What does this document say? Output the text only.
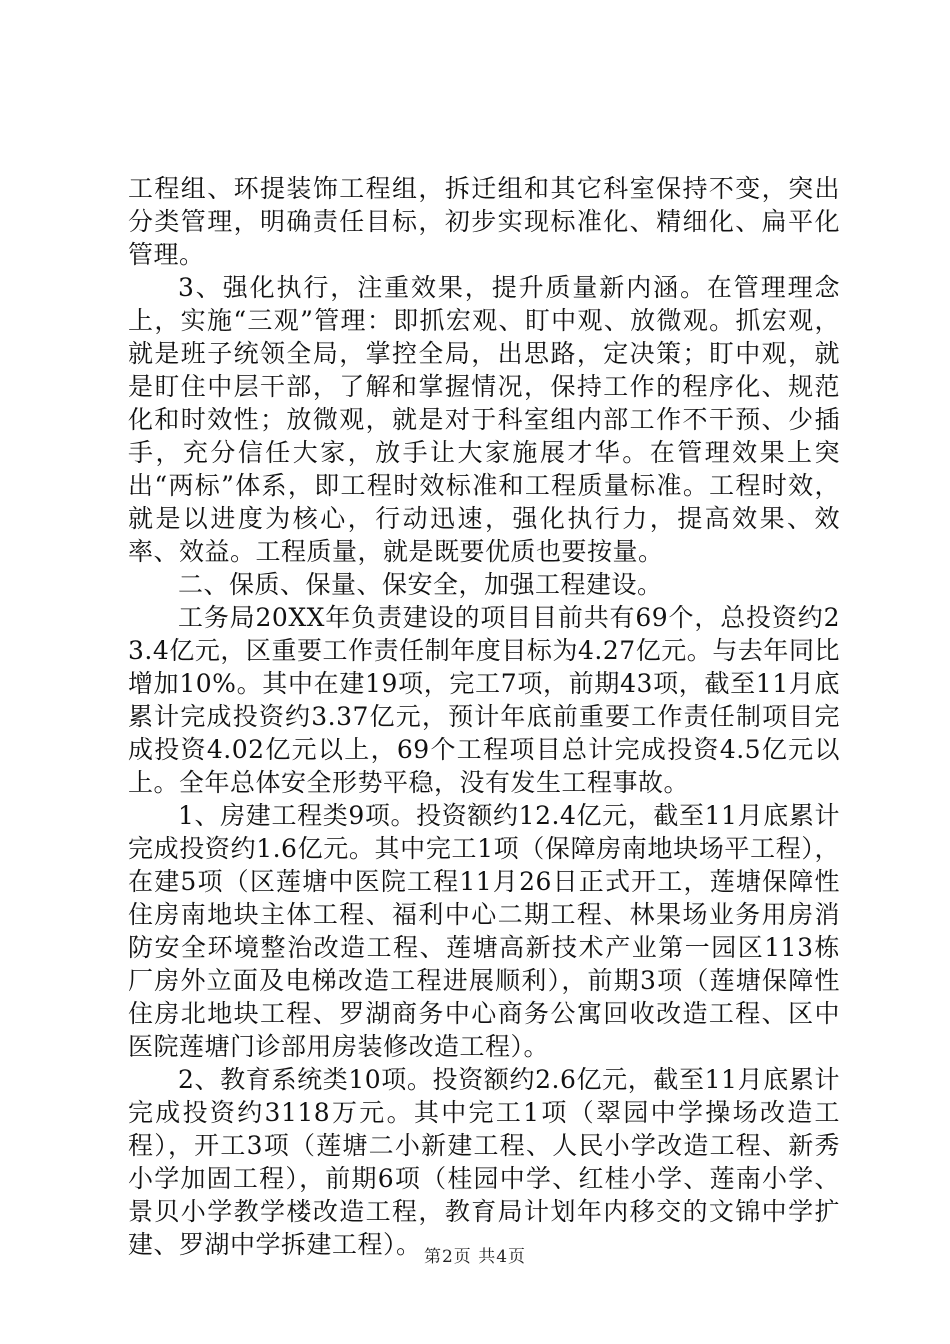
工程组、环提装饰工程组，拆迁组和其它科室保持不变，突出分类管理，明确责任目标，初步实现标准化、精细化、扁平化管理。

3、强化执行，注重效果，提升质量新内涵。在管理理念上，实施“三观”管理：即抓宏观、盯中观、放微观。抓宏观，就是班子统领全局，掌控全局，出思路，定决策；盯中观，就是盯住中层干部，了解和掌握情况，保持工作的程序化、规范化和时效性；放微观，就是对于科室组内部工作不干预、少插手，充分信任大家，放手让大家施展才华。在管理效果上突出“两标”体系，即工程时效标准和工程质量标准。工程时效，就是以进度为核心，行动迅速，强化执行力，提高效果、效率、效益。工程质量，就是既要优质也要按量。

二、保质、保量、保安全，加强工程建设。

工务局20XX年负责建设的项目目前共有69个，总投资约23.4亿元，区重要工作责任制年度目标为4.27亿元。与去年同比增加10%。其中在建19项，完工7项，前期43项，截至11月底累计完成投资约3.37亿元，预计年底前重要工作责任制项目完成投资4.02亿元以上，69个工程项目总计完成投资4.5亿元以上。全年总体安全形势平稳，没有发生工程事故。

1、房建工程类9项。投资额约12.4亿元，截至11月底累计完成投资约1.6亿元。其中完工1项（保障房南地块场平工程），在建5项（区莲塘中医院工程11月26日正式开工，莲塘保障性住房南地块主体工程、福利中心二期工程、林果场业务用房消防安全环境整治改造工程、莲塘高新技术产业第一园区113栋厂房外立面及电梯改造工程进展顺利），前期3项（莲塘保障性住房北地块工程、罗湖商务中心商务公寓回收改造工程、区中医院莲塘门诊部用房装修改造工程）。

2、教育系统类10项。投资额约2.6亿元，截至11月底累计完成投资约3118万元。其中完工1项（翠园中学操场改造工程），开工3项（莲塘二小新建工程、人民小学改造工程、新秀小学加固工程），前期6项（桂园中学、红桂小学、莲南小学、景贝小学教学楼改造工程，教育局计划年内移交的文锦中学扩建、罗湖中学拆建工程）。 第2页 共4页
